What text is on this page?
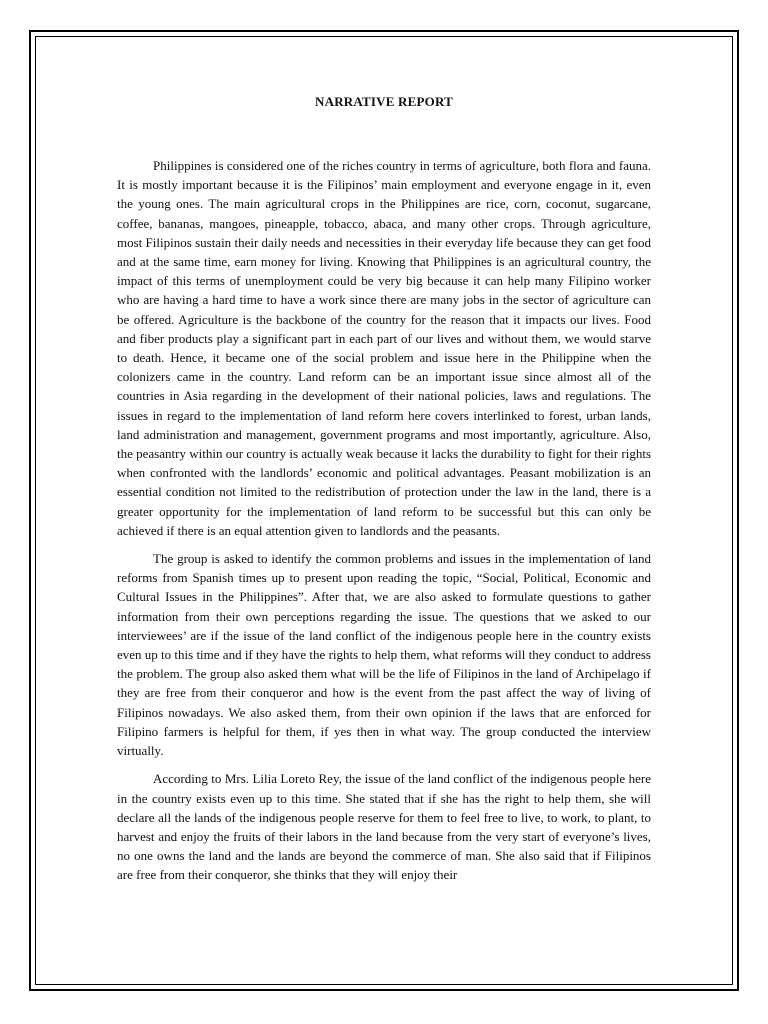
NARRATIVE REPORT

Philippines is considered one of the riches country in terms of agriculture, both flora and fauna. It is mostly important because it is the Filipinos’ main employment and everyone engage in it, even the young ones. The main agricultural crops in the Philippines are rice, corn, coconut, sugarcane, coffee, bananas, mangoes, pineapple, tobacco, abaca, and many other crops. Through agriculture, most Filipinos sustain their daily needs and necessities in their everyday life because they can get food and at the same time, earn money for living. Knowing that Philippines is an agricultural country, the impact of this terms of unemployment could be very big because it can help many Filipino worker who are having a hard time to have a work since there are many jobs in the sector of agriculture can be offered. Agriculture is the backbone of the country for the reason that it impacts our lives. Food and fiber products play a significant part in each part of our lives and without them, we would starve to death. Hence, it became one of the social problem and issue here in the Philippine when the colonizers came in the country. Land reform can be an important issue since almost all of the countries in Asia regarding in the development of their national policies, laws and regulations. The issues in regard to the implementation of land reform here covers interlinked to forest, urban lands, land administration and management, government programs and most importantly, agriculture. Also, the peasantry within our country is actually weak because it lacks the durability to fight for their rights when confronted with the landlords’ economic and political advantages. Peasant mobilization is an essential condition not limited to the redistribution of protection under the law in the land, there is a greater opportunity for the implementation of land reform to be successful but this can only be achieved if there is an equal attention given to landlords and the peasants.

The group is asked to identify the common problems and issues in the implementation of land reforms from Spanish times up to present upon reading the topic, “Social, Political, Economic and Cultural Issues in the Philippines”. After that, we are also asked to formulate questions to gather information from their own perceptions regarding the issue. The questions that we asked to our interviewees’ are if the issue of the land conflict of the indigenous people here in the country exists even up to this time and if they have the rights to help them, what reforms will they conduct to address the problem. The group also asked them what will be the life of Filipinos in the land of Archipelago if they are free from their conqueror and how is the event from the past affect the way of living of Filipinos nowadays. We also asked them, from their own opinion if the laws that are enforced for Filipino farmers is helpful for them, if yes then in what way. The group conducted the interview virtually.

According to Mrs. Lilia Loreto Rey, the issue of the land conflict of the indigenous people here in the country exists even up to this time. She stated that if she has the right to help them, she will declare all the lands of the indigenous people reserve for them to feel free to live, to work, to plant, to harvest and enjoy the fruits of their labors in the land because from the very start of everyone’s lives, no one owns the land and the lands are beyond the commerce of man. She also said that if Filipinos are free from their conqueror, she thinks that they will enjoy their
